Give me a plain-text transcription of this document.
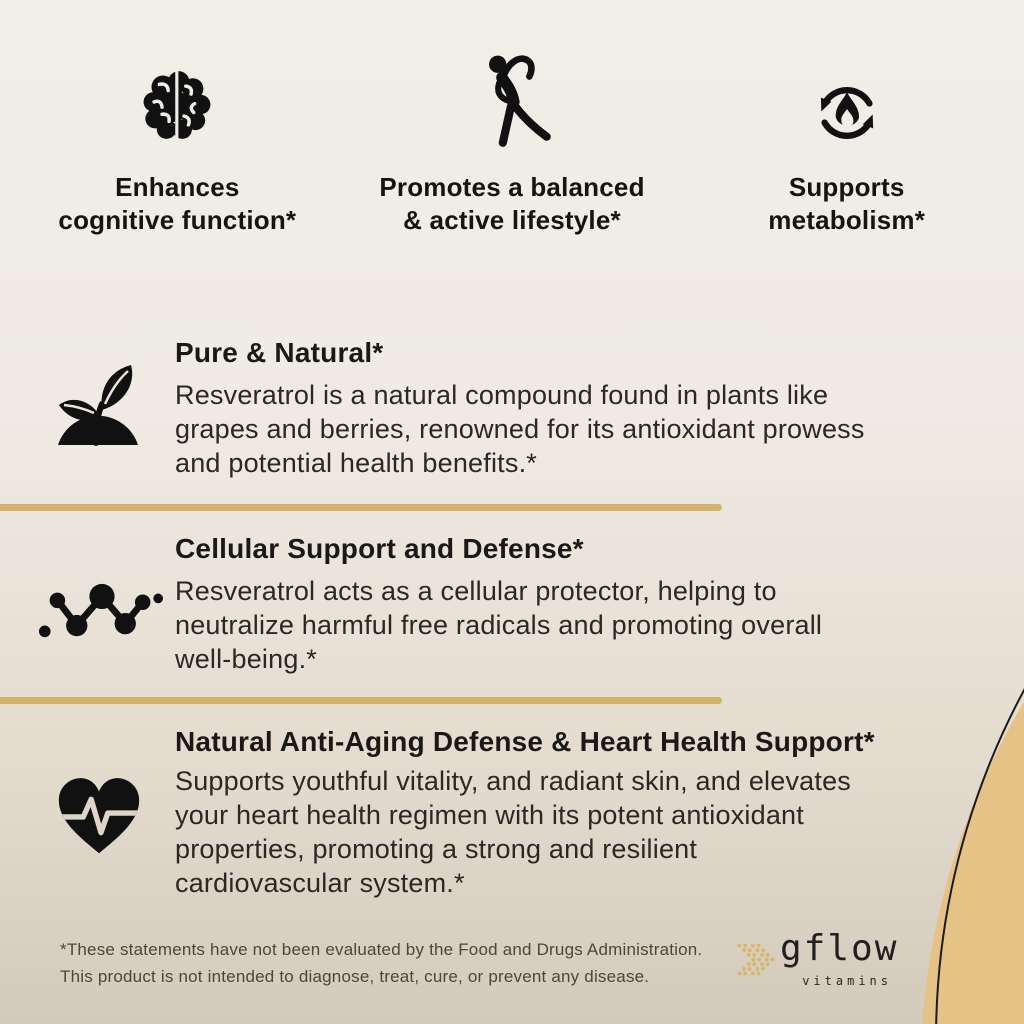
Enhances
cognitive function*
Promotes a balanced
& active lifestyle*
Supports
metabolism*
Pure & Natural*
Resveratrol is a natural compound found in plants like
grapes and berries, renowned for its antioxidant prowess
and potential health benefits.*
Cellular Support and Defense*
Resveratrol acts as a cellular protector, helping to
neutralize harmful free radicals and promoting overall
well-being.*
Natural Anti-Aging Defense & Heart Health Support*
Supports youthful vitality, and radiant skin, and elevates
your heart health regimen with its potent antioxidant
properties, promoting a strong and resilient
cardiovascular system.*
*These statements have not been evaluated by the Food and Drugs Administration.
This product is not intended to diagnose, treat, cure, or prevent any disease.
gflow
vitamins
